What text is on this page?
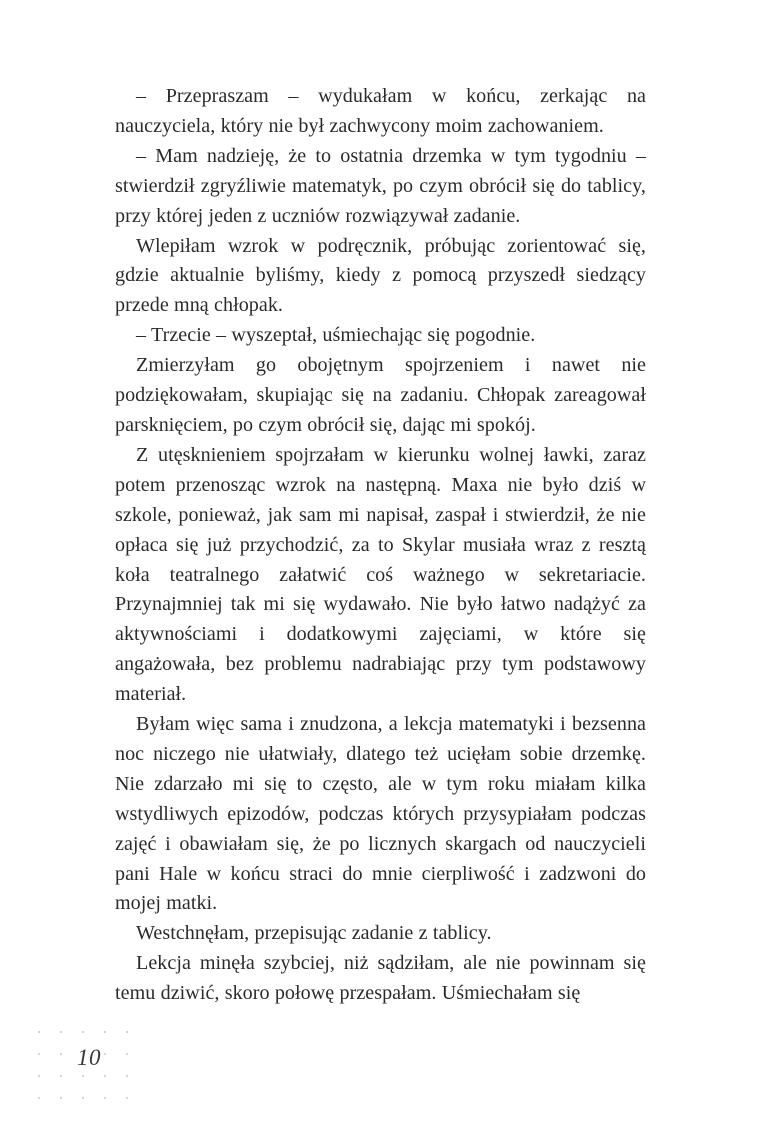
– Przepraszam – wydukałam w końcu, zerkając na nauczyciela, który nie był zachwycony moim zachowaniem.

– Mam nadzieję, że to ostatnia drzemka w tym tygodniu – stwierdził zgryźliwie matematyk, po czym obrócił się do tablicy, przy której jeden z uczniów rozwiązywał zadanie.

Wlepiłam wzrok w podręcznik, próbując zorientować się, gdzie aktualnie byliśmy, kiedy z pomocą przyszedł siedzący przede mną chłopak.

– Trzecie – wyszeptał, uśmiechając się pogodnie.

Zmierzyłam go obojętnym spojrzeniem i nawet nie podziękowałam, skupiając się na zadaniu. Chłopak zareagował parsknięciem, po czym obrócił się, dając mi spokój.

Z utęsknieniem spojrzałam w kierunku wolnej ławki, zaraz potem przenosząc wzrok na następną. Maxa nie było dziś w szkole, ponieważ, jak sam mi napisał, zaspał i stwierdził, że nie opłaca się już przychodzić, za to Skylar musiała wraz z resztą koła teatralnego załatwić coś ważnego w sekretariacie. Przynajmniej tak mi się wydawało. Nie było łatwo nadążyć za aktywnościami i dodatkowymi zajęciami, w które się angażowała, bez problemu nadrabiając przy tym podstawowy materiał.

Byłam więc sama i znudzona, a lekcja matematyki i bezsenna noc niczego nie ułatwiały, dlatego też ucięłam sobie drzemkę. Nie zdarzało mi się to często, ale w tym roku miałam kilka wstydliwych epizodów, podczas których przysypiałam podczas zajęć i obawiałam się, że po licznych skargach od nauczycieli pani Hale w końcu straci do mnie cierpliwość i zadzwoni do mojej matki.

Westchnęłam, przepisując zadanie z tablicy.

Lekcja minęła szybciej, niż sądziłam, ale nie powinnam się temu dziwić, skoro połowę przespałam. Uśmiechałam się

10
